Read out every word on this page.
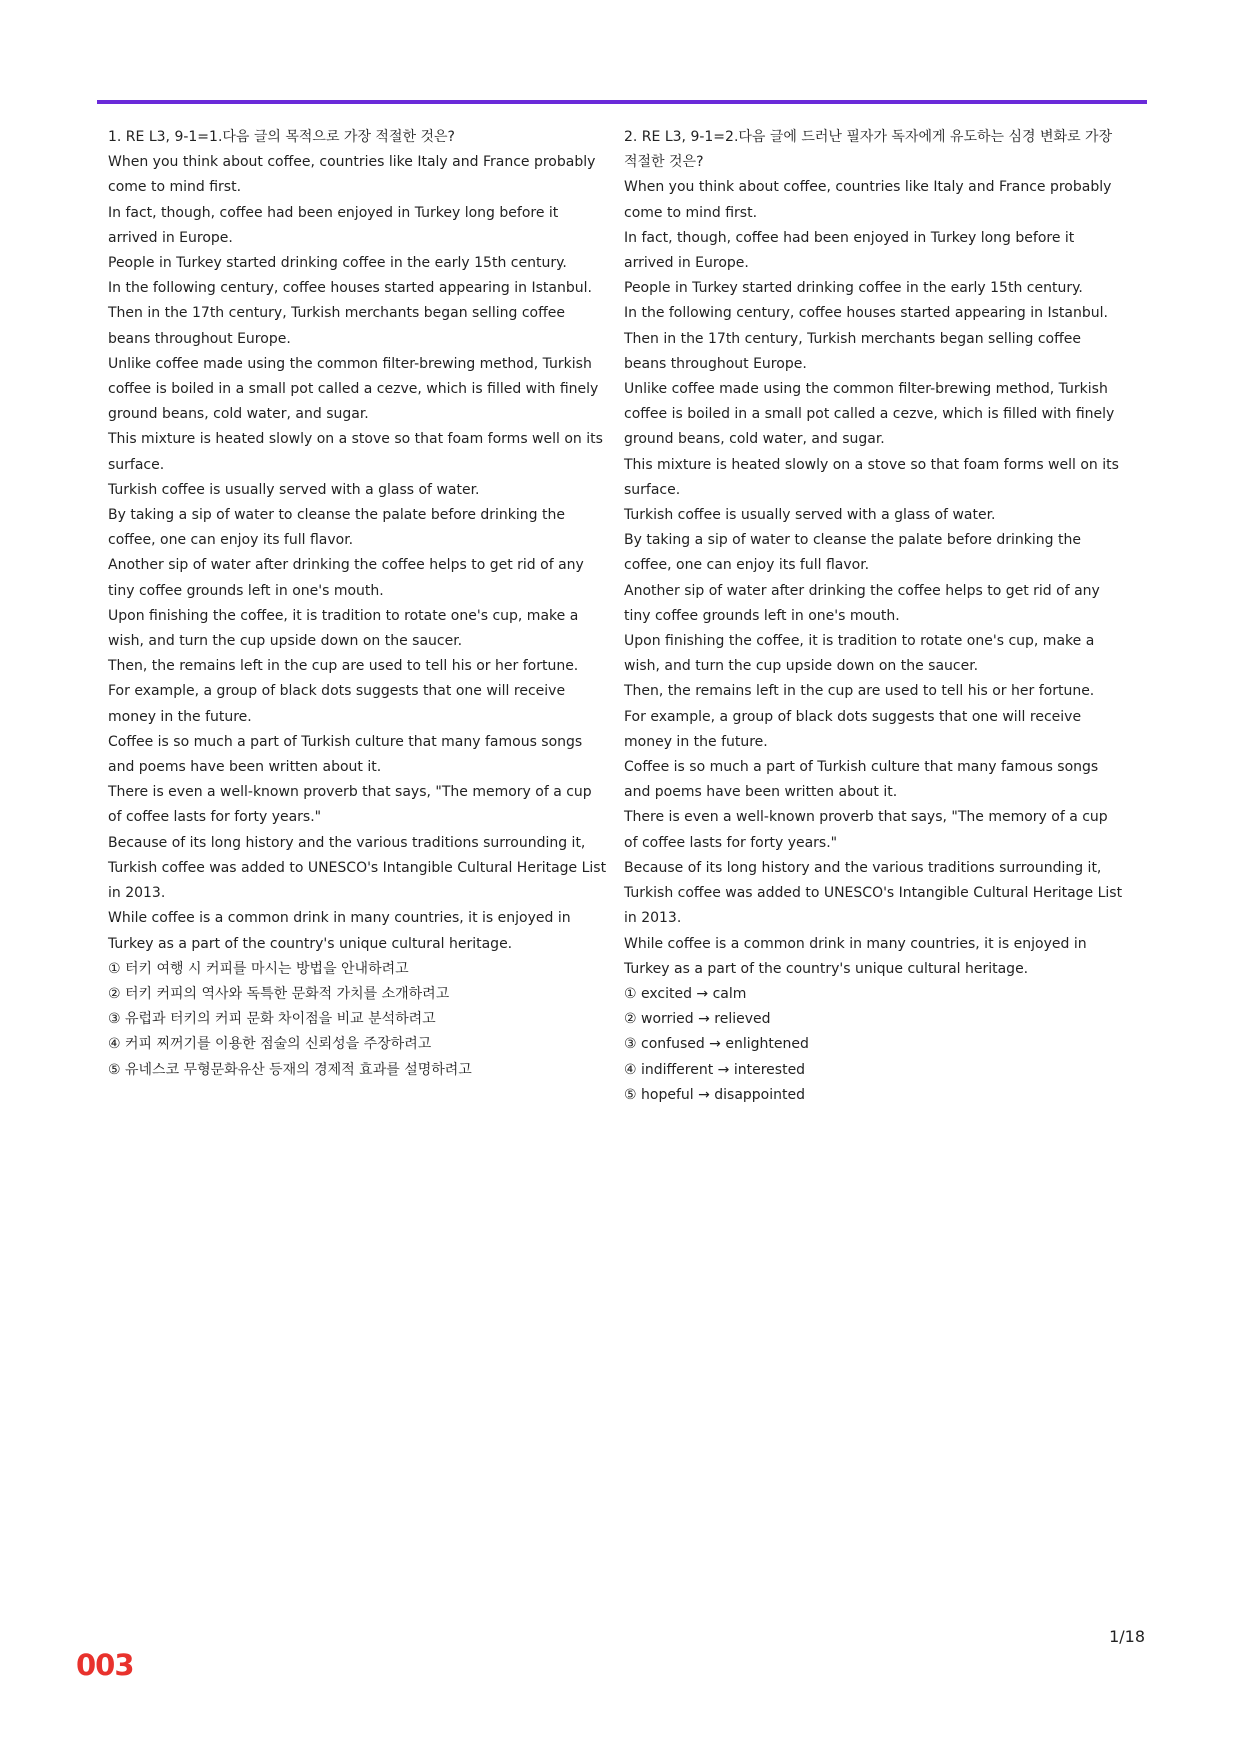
1. RE L3, 9-1=1.다음 글의 목적으로 가장 적절한 것은?

When you think about coffee, countries like Italy and France probably come to mind first.

In fact, though, coffee had been enjoyed in Turkey long before it arrived in Europe.

People in Turkey started drinking coffee in the early 15th century.

In the following century, coffee houses started appearing in Istanbul.

Then in the 17th century, Turkish merchants began selling coffee beans throughout Europe.

Unlike coffee made using the common filter-brewing method, Turkish coffee is boiled in a small pot called a cezve, which is filled with finely ground beans, cold water, and sugar.

This mixture is heated slowly on a stove so that foam forms well on its surface.

Turkish coffee is usually served with a glass of water.

By taking a sip of water to cleanse the palate before drinking the coffee, one can enjoy its full flavor.

Another sip of water after drinking the coffee helps to get rid of any tiny coffee grounds left in one's mouth.

Upon finishing the coffee, it is tradition to rotate one's cup, make a wish, and turn the cup upside down on the saucer.

Then, the remains left in the cup are used to tell his or her fortune.

For example, a group of black dots suggests that one will receive money in the future.

Coffee is so much a part of Turkish culture that many famous songs and poems have been written about it.

There is even a well-known proverb that says, "The memory of a cup of coffee lasts for forty years."

Because of its long history and the various traditions surrounding it, Turkish coffee was added to UNESCO's Intangible Cultural Heritage List in 2013.

While coffee is a common drink in many countries, it is enjoyed in Turkey as a part of the country's unique cultural heritage.

① 터키 여행 시 커피를 마시는 방법을 안내하려고

② 터키 커피의 역사와 독특한 문화적 가치를 소개하려고

③ 유럽과 터키의 커피 문화 차이점을 비교 분석하려고

④ 커피 찌꺼기를 이용한 점술의 신뢰성을 주장하려고

⑤ 유네스코 무형문화유산 등재의 경제적 효과를 설명하려고

2. RE L3, 9-1=2.다음 글에 드러난 필자가 독자에게 유도하는 심경 변화로 가장 적절한 것은?

When you think about coffee, countries like Italy and France probably come to mind first.

In fact, though, coffee had been enjoyed in Turkey long before it arrived in Europe.

People in Turkey started drinking coffee in the early 15th century.

In the following century, coffee houses started appearing in Istanbul.

Then in the 17th century, Turkish merchants began selling coffee beans throughout Europe.

Unlike coffee made using the common filter-brewing method, Turkish coffee is boiled in a small pot called a cezve, which is filled with finely ground beans, cold water, and sugar.

This mixture is heated slowly on a stove so that foam forms well on its surface.

Turkish coffee is usually served with a glass of water.

By taking a sip of water to cleanse the palate before drinking the coffee, one can enjoy its full flavor.

Another sip of water after drinking the coffee helps to get rid of any tiny coffee grounds left in one's mouth.

Upon finishing the coffee, it is tradition to rotate one's cup, make a wish, and turn the cup upside down on the saucer.

Then, the remains left in the cup are used to tell his or her fortune.

For example, a group of black dots suggests that one will receive money in the future.

Coffee is so much a part of Turkish culture that many famous songs and poems have been written about it.

There is even a well-known proverb that says, "The memory of a cup of coffee lasts for forty years."

Because of its long history and the various traditions surrounding it, Turkish coffee was added to UNESCO's Intangible Cultural Heritage List in 2013.

While coffee is a common drink in many countries, it is enjoyed in Turkey as a part of the country's unique cultural heritage.

① excited → calm

② worried → relieved

③ confused → enlightened

④ indifferent → interested

⑤ hopeful → disappointed

1/18
003
